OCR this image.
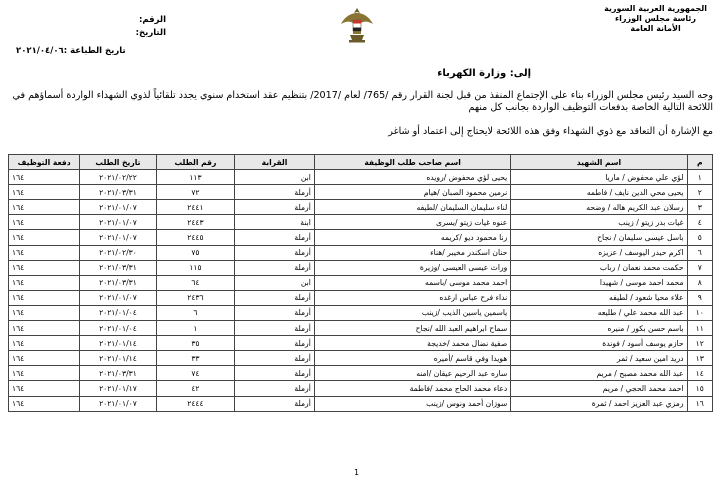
الجمهورية العربية السورية
رئاسة مجلس الوزراء
الأمانة العامة
الرقم:
التاريخ:
تاريخ الطباعة :٢٠٢١/٠٤/٠٦
إلى: وزارة الكهرباء
وجه السيد رئيس مجلس الوزراء بناء على الإجتماع المنفذ من قبل لجنة القرار رقم /765/ لعام /2017/ بتنظيم عقد استخدام سنوي يجدد تلقائياً لذوي الشهداء الواردة أسماؤهم في اللائحة التالية الخاصة بدفعات التوظيف الواردة بجانب كل منهم
مع الإشارة أن التعاقد مع ذوي الشهداء وفق هذه اللائحة لايحتاج إلى اعتماد أو شاغر
م	اسم الشهيد	اسم صاحب طلب الوظيفة	القرابة	رقم الطلب	تاريخ الطلب	دفعة التوظيف
١	لؤي علي محفوض / ماريا	يحيى لؤي محفوض /رويده	ابن	١١٣	٢٠٢١/٠٢/٢٢	١٦٤
٢	يحيى محي الدين نايف / فاطمه	نرمين محمود الصبان /هيام	أرملة	٧٢	٢٠٢١/٠٣/٣١	١٦٤
٣	رسلان عبد الكريم هاله / وضحه	لناء سليمان السليمان /لطيفه	أرملة	٢٤٤١	٢٠٢١/٠١/٠٧	١٦٤
٤	غيات بدر زيتو / زينب	عنوه غيات زيتو /يسرى	ابنة	٢٤٤٣	٢٠٢١/٠١/٠٧	١٦٤
٥	باسل عيسى سليمان / نجاح	رنا محمود ديو /كريمه	أرملة	٢٤٤٥	٢٠٢١/٠١/٠٧	١٦٤
٦	اكرم حيدر اليوسف / عزيزه	حنان اسكندر مخيبر /هناء	أرملة	٧٥	٢٠٢١/٠٢/٣٠	١٦٤
٧	حكمت محمد نعمان / رباب	وراث عيسى العيسى /وزيرة	أرملة	١١٥	٢٠٢١/٠٣/٣١	١٦٤
٨	محمد احمد موسى / شهيدا	احمد محمد موسى /باسمه	ابن	٦٤	٢٠٢١/٠٣/٣١	١٦٤
٩	علاء محيا شعود / لطيفه	نداء فرح عباس ارغده	أرملة	٢٤٣٦	٢٠٢١/٠١/٠٧	١٦٤
١٠	عبد الله محمد علي / طليعه	ياسمين ياسين الذيب /زينب	أرملة	٦	٢٠٢١/٠١/٠٤	١٦٤
١١	باسم حسن بكور / منيره	سماح ابراهيم العبد الله /نجاح	أرملة	١	٢٠٢١/٠١/٠٤	١٦٤
١٢	حازم يوسف أسود / فوندة	صفية نضال محمد /خديجة	أرملة	٣٥	٢٠٢١/٠١/١٤	١٦٤
١٣	دريد امين سعيد / ثمر	هويدا وفي قاسم /أميره	أرملة	٣٣	٢٠٢١/٠١/١٤	١٦٤
١٤	عبد الله محمد مصبح / مريم	ساره عبد الرحيم عيفان /امنه	أرملة	٧٤	٢٠٢١/٠٣/٣١	١٦٤
١٥	احمد محمد الحجي / مريم	دعاء محمد الحاج محمد /فاطمة	أرملة	٤٢	٢٠٢١/٠١/١٧	١٦٤
١٦	رمزي عبد العزيز احمد / ثمرة	سوزان أحمد ونوس /زينب	أرملة	٢٤٤٤	٢٠٢١/٠١/٠٧	١٦٤
1
